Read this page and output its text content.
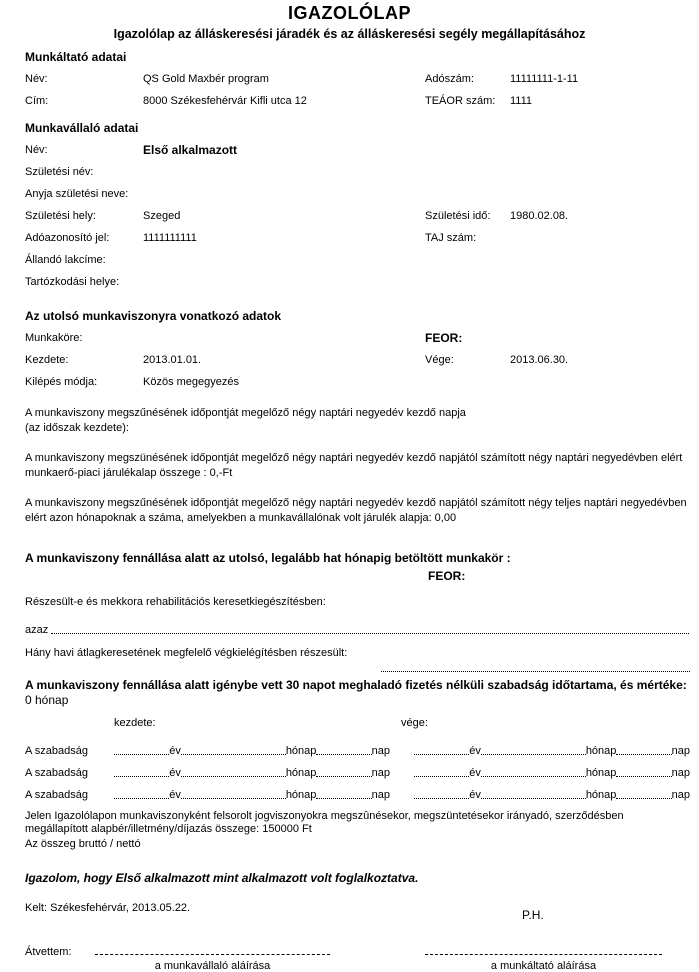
IGAZOLÓLAP
Igazolólap az álláskeresési járadék és az álláskeresési segély megállapításához
Munkáltató adatai
Név:	QS Gold Maxbér program	Adószám:	11111111-1-11
Cím:	8000 Székesfehérvár Kifli utca 12	TEÁOR szám:	1111
Munkavállaló adatai
Név:	Első alkalmazott
Születési név:
Anyja születési neve:
Születési hely:	Szeged	Születési idő:	1980.02.08.
Adóazonosító jel:	1111111111	TAJ szám:
Állandó lakcíme:
Tartózkodási helye:
Az utolsó munkaviszonyra vonatkozó adatok
Munkaköre:	FEOR:
Kezdete:	2013.01.01.	Vége:	2013.06.30.
Kilépés módja:	Közös megegyezés
A munkaviszony megszűnésének időpontját megelőző négy naptári negyedév kezdő napja
(az időszak kezdete):
A munkaviszony megszünésének időpontját megelőző négy naptári negyedév kezdő napjától számított négy naptári negyedévben elért munkaerő-piaci járulékalap összege : 0,-Ft
A munkaviszony megszűnésének időpontját megelőző négy naptári negyedév kezdő napjától számított négy teljes naptári negyedévben elért azon hónapoknak a száma, amelyekben a munkavállalónak volt járulék alapja: 0,00
A munkaviszony fennállása alatt az utolsó, legalább hat hónapig betöltött munkakör :
FEOR:
Részesült-e és mekkora rehabilitációs keresetkiegészítésben:
azaz
Hány havi átlagkeresetének megfelelő végkielégítésben részesült:
A munkaviszony fennállása alatt igénybe vett 30 napot meghaladó fizetés nélküli szabadság időtartama, és mértéke: 0 hónap
kezdete:	vége:
A szabadság	év	hónap	nap	év	hónap	nap
A szabadság	év	hónap	nap	év	hónap	nap
A szabadság	év	hónap	nap	év	hónap	nap
Jelen Igazolólapon munkaviszonyként felsorolt jogviszonyokra megszûnésekor, megszüntetésekor irányadó, szerződésben megállapított alapbér/illetmény/díjazás összege: 150000 Ft
Az összeg bruttó / nettó
Igazolom, hogy Első alkalmazott mint alkalmazott volt foglalkoztatva.
Kelt: Székesfehérvár, 2013.05.22.
Átvettem:
a munkavállaló aláírása	a munkáltató aláírása
P.H.
